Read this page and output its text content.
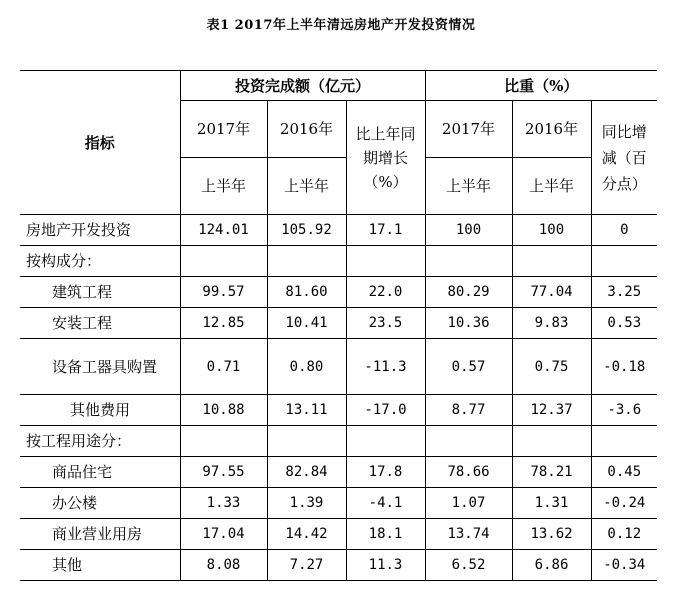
表1 2017年上半年清远房地产开发投资情况
指标	投资完成额（亿元）			比重（%）		
	2017年	2016年	比上年同期增长（%）	2017年	2016年	同比增减（百分点）
	上半年	上半年		上半年	上半年	
房地产开发投资	124.01	105.92	17.1	100	100	0
按构成分：						
建筑工程	99.57	81.60	22.0	80.29	77.04	3.25
安装工程	12.85	10.41	23.5	10.36	9.83	0.53
设备工器具购置	0.71	0.80	-11.3	0.57	0.75	-0.18
其他费用	10.88	13.11	-17.0	8.77	12.37	-3.6
按工程用途分：						
商品住宅	97.55	82.84	17.8	78.66	78.21	0.45
办公楼	1.33	1.39	-4.1	1.07	1.31	-0.24
商业营业用房	17.04	14.42	18.1	13.74	13.62	0.12
其他	8.08	7.27	11.3	6.52	6.86	-0.34
